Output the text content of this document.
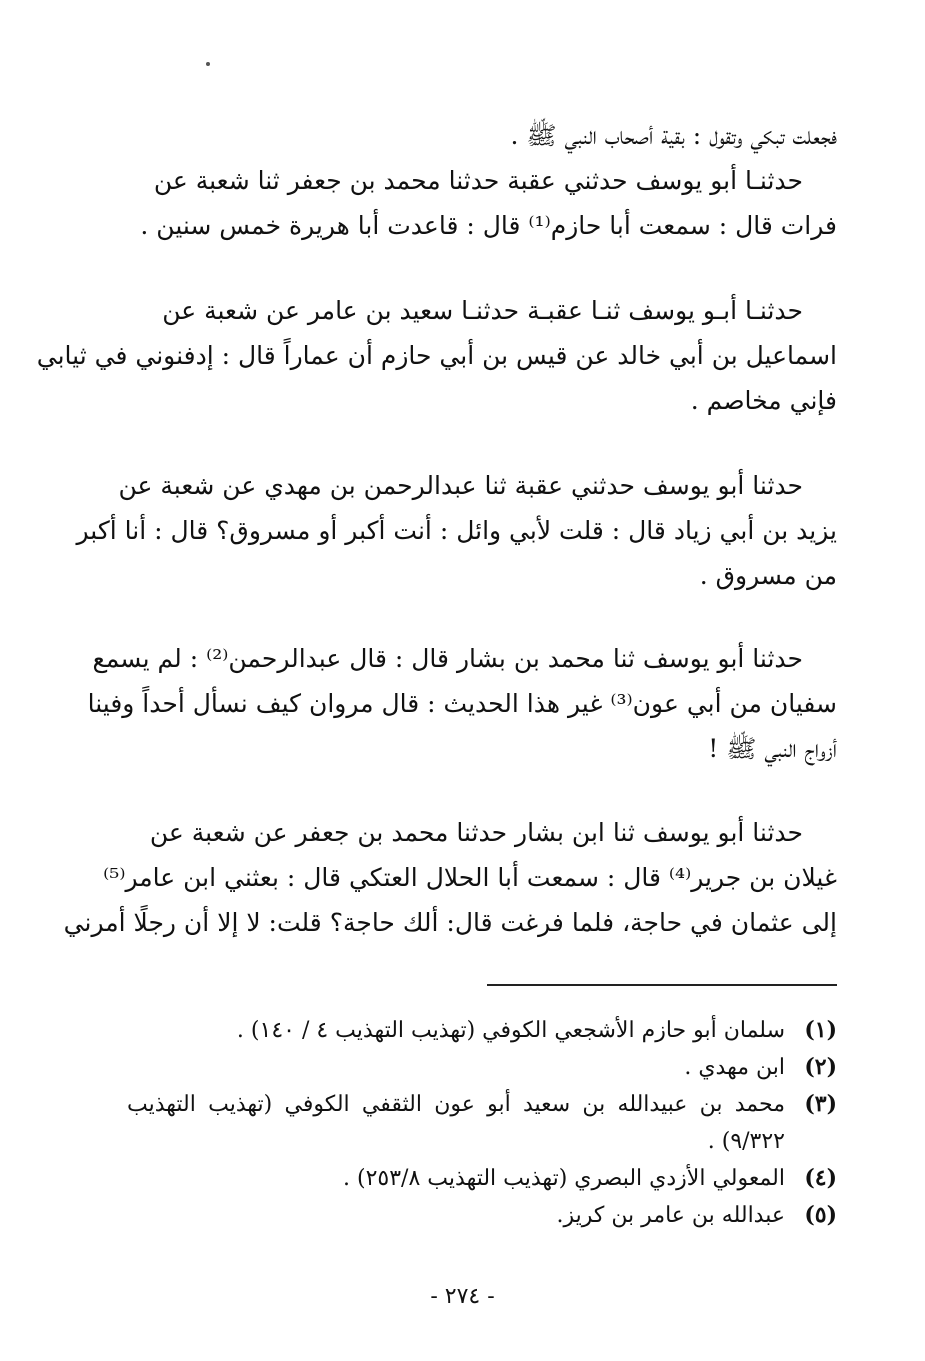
فجعلت تبكي وتقول : بقية أصحاب النبي ﷺ .
حدثنـا أبو يوسف حدثني عقبة حدثنا محمد بن جعفر ثنا شعبة عن
فرات قال : سمعت أبا حازم⁽¹⁾ قال : قاعدت أبا هريرة خمس سنين .
حدثنـا أبـو يوسف ثنـا عقبـة حدثنـا سعيد بن عامر عن شعبة عن
اسماعيل بن أبي خالد عن قيس بن أبي حازم أن عماراً قال : إدفنوني في ثيابي
فإني مخاصم .
حدثنا أبو يوسف حدثني عقبة ثنا عبدالرحمن بن مهدي عن شعبة عن
يزيد بن أبي زياد قال : قلت لأبي وائل : أنت أكبر أو مسروق؟ قال : أنا أكبر
من مسروق .
حدثنا أبو يوسف ثنا محمد بن بشار قال : قال عبدالرحمن⁽²⁾ : لم يسمع
سفيان من أبي عون⁽³⁾ غير هذا الحديث : قال مروان كيف نسأل أحداً وفينا
أزواج النبي ﷺ !
حدثنا أبو يوسف ثنا ابن بشار حدثنا محمد بن جعفر عن شعبة عن
غيلان بن جرير⁽⁴⁾ قال : سمعت أبا الحلال العتكي قال : بعثني ابن عامر⁽⁵⁾
إلى عثمان في حاجة، فلما فرغت قال: ألك حاجة؟ قلت: لا إلا أن رجلًا أمرني
(١)
سلمان أبو حازم الأشجعي الكوفي (تهذيب التهذيب ٤ / ١٤٠) .
(٢)
ابن مهدي .
(٣)
محمد بن عبيدالله بن سعيد أبو عون الثقفي الكوفي (تهذيب التهذيب ٩/٣٢٢) .
(٤)
المعولي الأزدي البصري (تهذيب التهذيب ٢٥٣/٨) .
(٥)
عبدالله بن عامر بن كريز.
- ٢٧٤ -
